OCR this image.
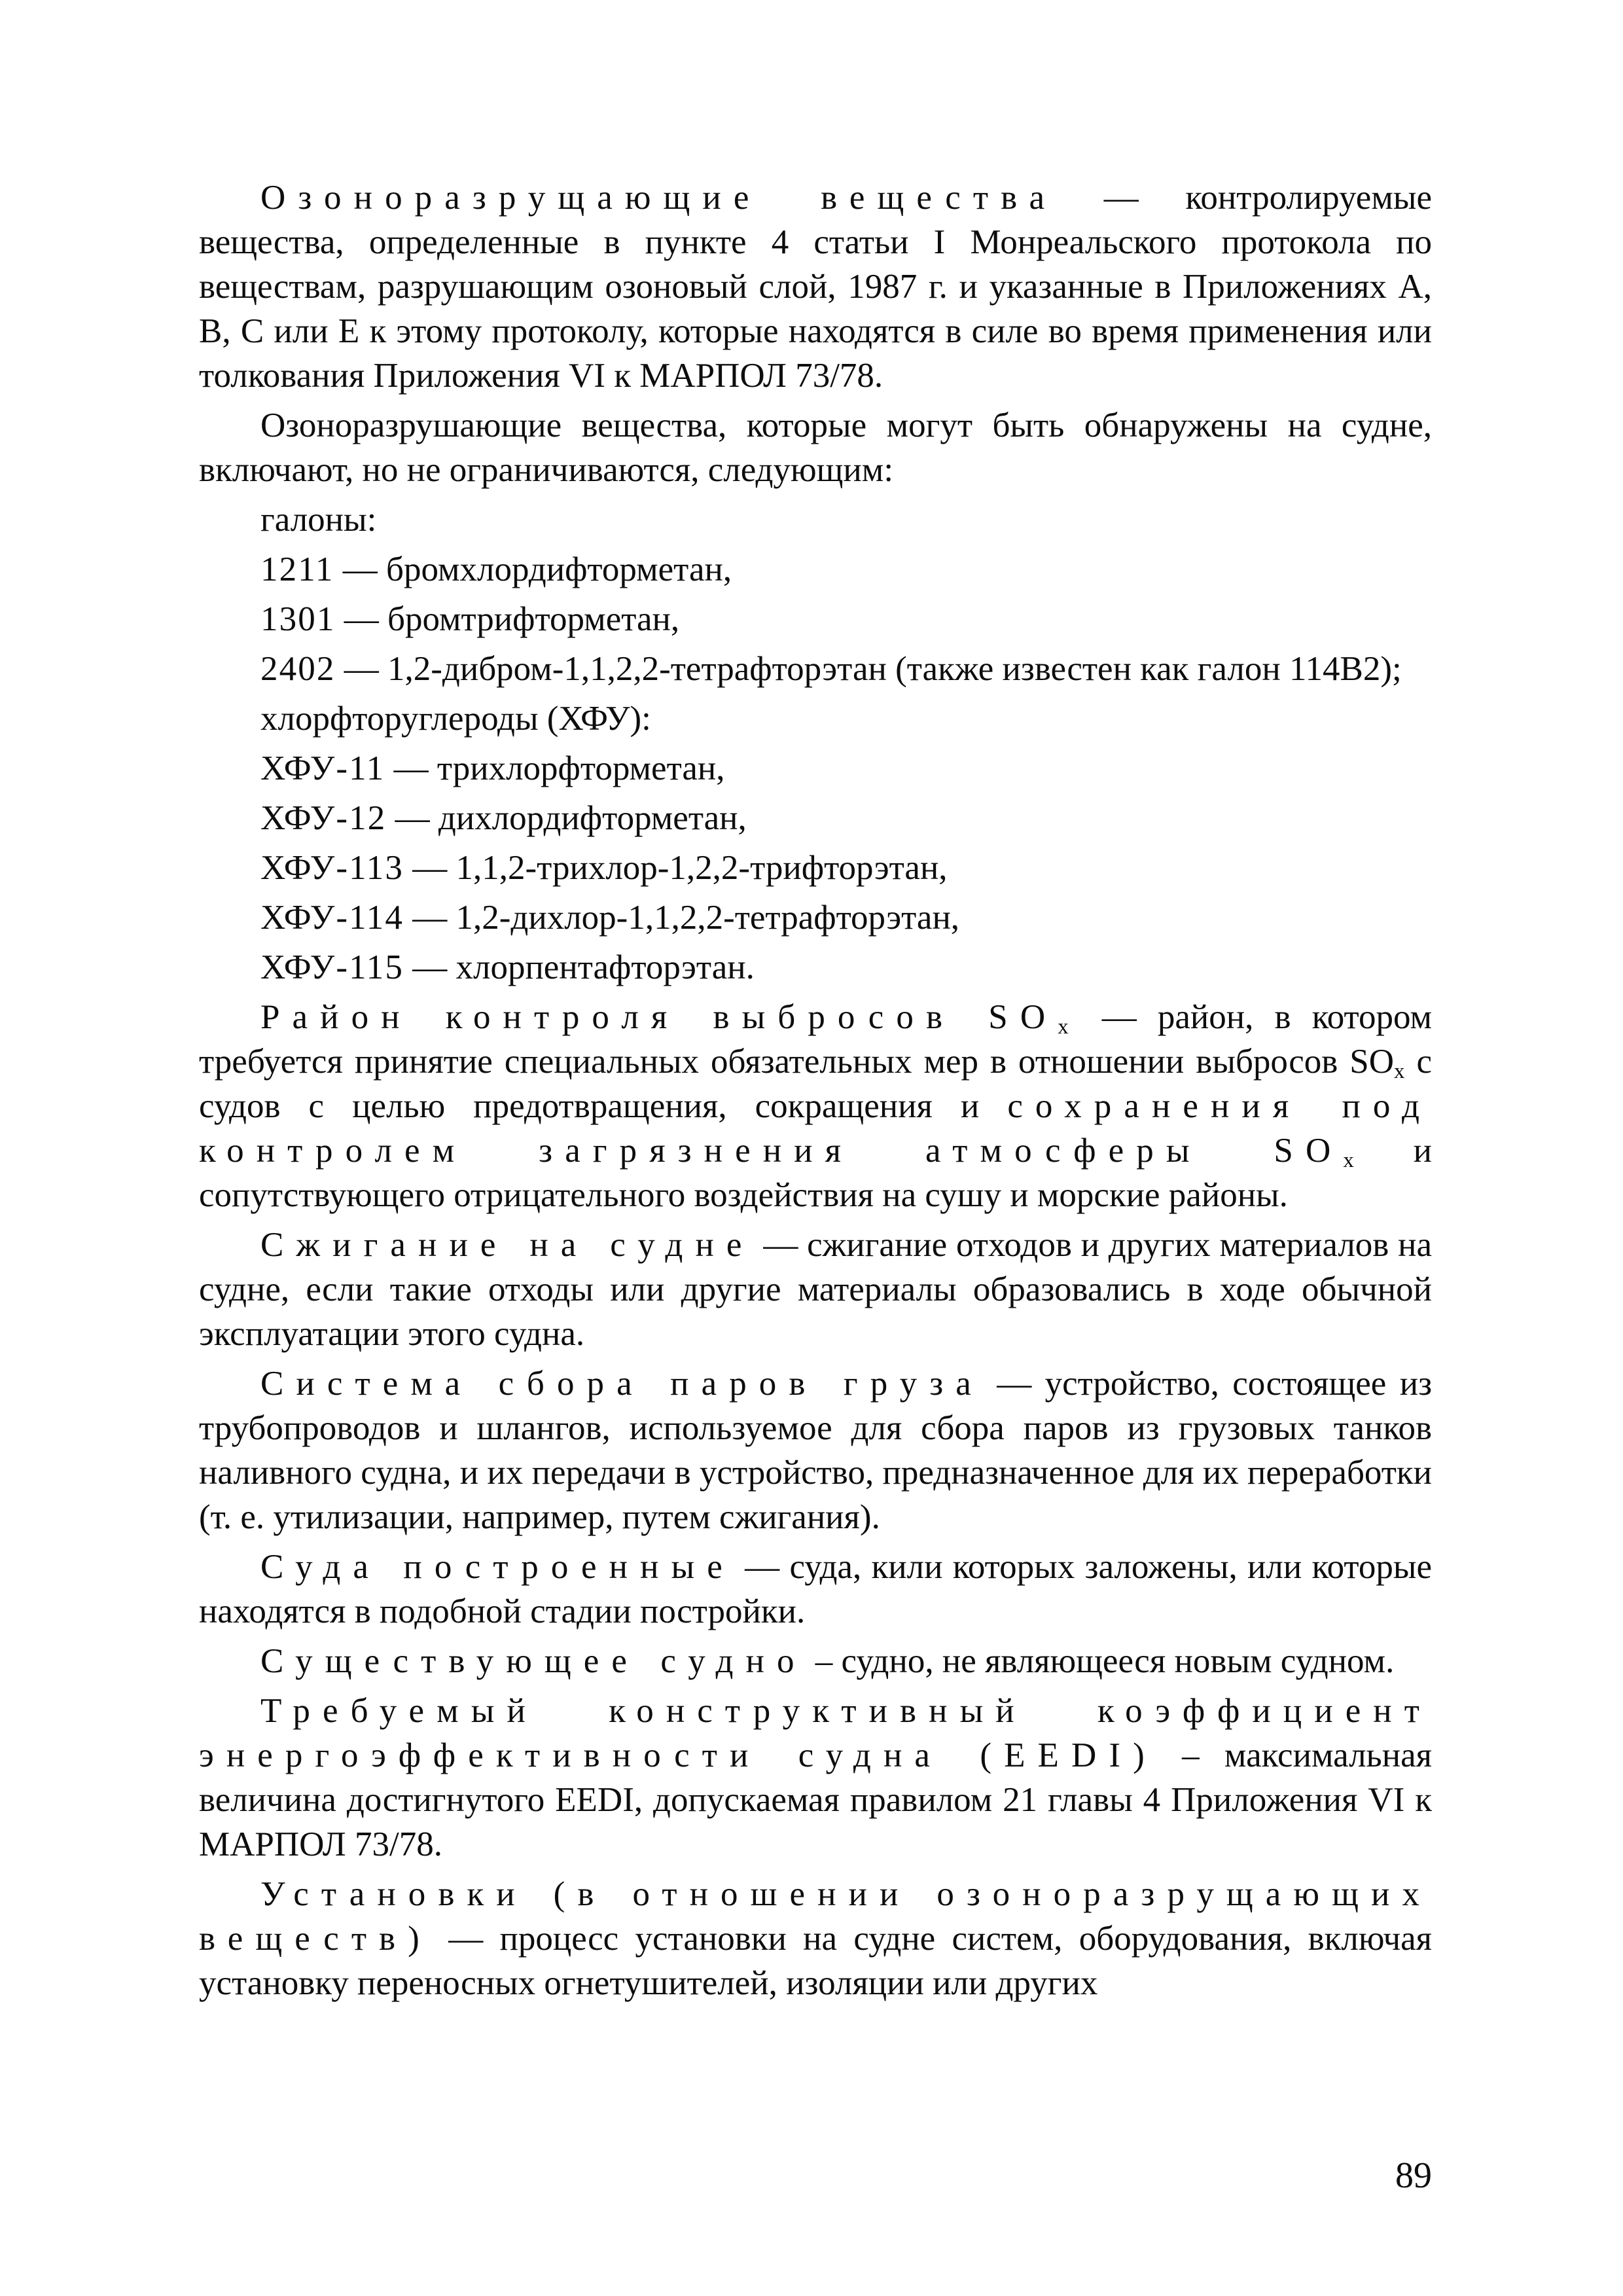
Озоноразрущающие вещества — контролируемые вещества, определенные в пункте 4 статьи I Монреальского протокола по веществам, разрушающим озоновый слой, 1987 г. и указанные в Приложениях A, B, C или E к этому протоколу, которые находятся в силе во время применения или толкования Приложения VI к МАРПОЛ 73/78.

Озоноразрушающие вещества, которые могут быть обнаружены на судне, включают, но не ограничиваются, следующим:

галоны:

1211 — бромхлордифторметан,

1301 — бромтрифторметан,

2402 — 1,2-дибром-1,1,2,2-тетрафторэтан (также известен как галон 114В2);

хлорфторуглероды (ХФУ):

ХФУ-11 — трихлорфторметан,

ХФУ-12 — дихлордифторметан,

ХФУ-113 — 1,1,2-трихлор-1,2,2-трифторэтан,

ХФУ-114 — 1,2-дихлор-1,1,2,2-тетрафторэтан,

ХФУ-115 — хлорпентафторэтан.

Район контроля выбросов $SO_x$ — район, в котором требуется принятие специальных обязательных мер в отношении выбросов $SO_x$ с судов с целью предотвращения, сокращения и сохранения под контролем загрязнения атмосферы $SO_x$ и сопутствующего отрицательного воздействия на сушу и морские районы.

Сжигание на судне — сжигание отходов и других материалов на судне, если такие отходы или другие материалы образовались в ходе обычной эксплуатации этого судна.

Система сбора паров груза — устройство, состоящее из трубопроводов и шлангов, используемое для сбора паров из грузовых танков наливного судна, и их передачи в устройство, предназначенное для их переработки (т. е. утилизации, например, путем сжигания).

Суда построенные — суда, кили которых заложены, или которые находятся в подобной стадии постройки.

Существующее судно – судно, не являющееся новым судном.

Требуемый конструктивный коэффициент энергоэффективности судна (EEDI) – максимальная величина достигнутого EEDI, допускаемая правилом 21 главы 4 Приложения VI к МАРПОЛ 73/78.

Установки (в отношении озоноразрущающих веществ) — процесс установки на судне систем, оборудования, включая установку переносных огнетушителей, изоляции или других

89
